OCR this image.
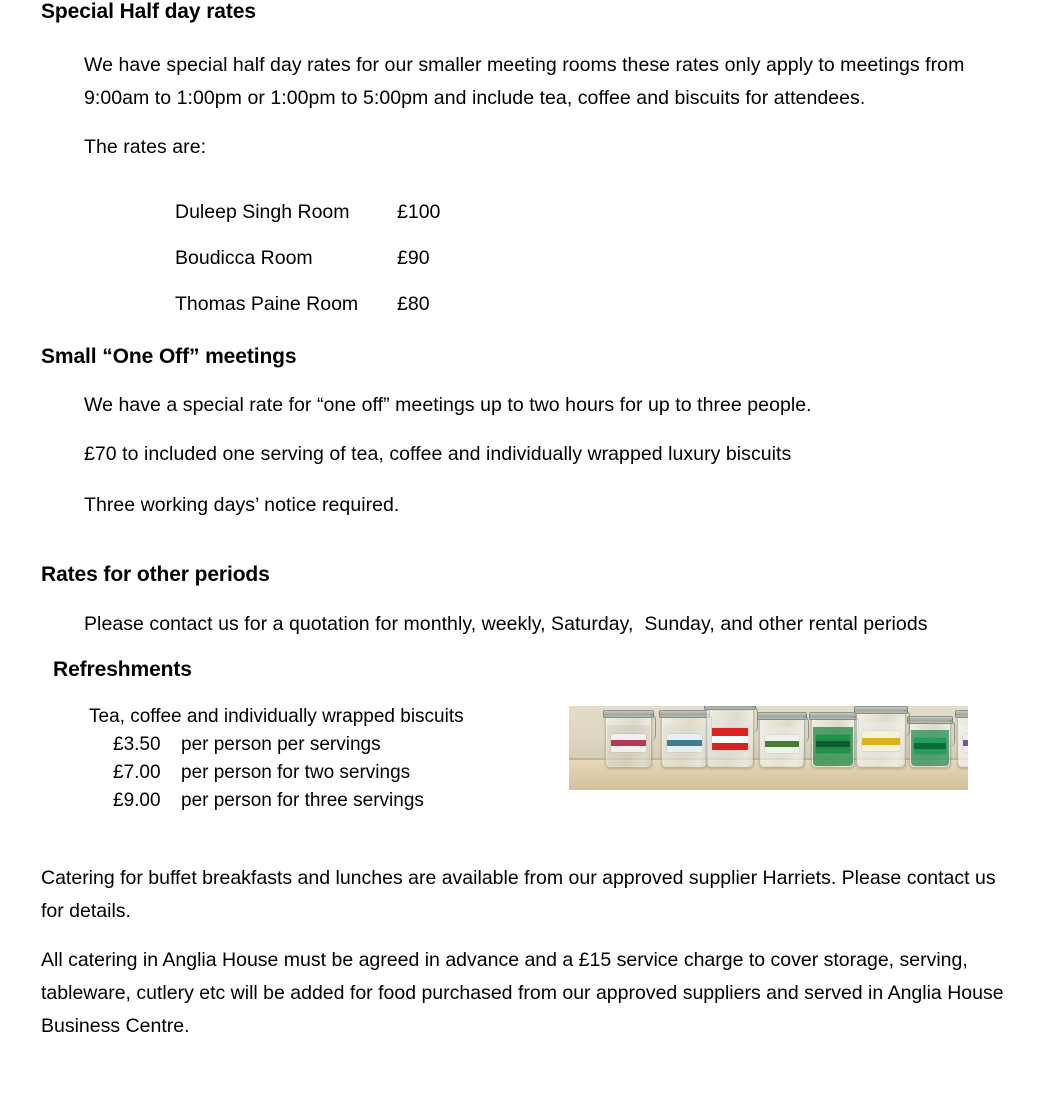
Special Half day rates
We have special half day rates for our smaller meeting rooms these rates only apply to meetings from 9:00am to 1:00pm or 1:00pm to 5:00pm and include tea, coffee and biscuits for attendees.
The rates are:
Duleep Singh Room £100
Boudicca Room	£90
Thomas Paine Room £80
Small “One Off” meetings
We have a special rate for “one off” meetings up to two hours for up to three people.
£70 to included one serving of tea, coffee and individually wrapped luxury biscuits
Three working days’ notice required.
Rates for other periods
Please contact us for a quotation for monthly, weekly, Saturday,  Sunday, and other rental periods
Refreshments
Tea, coffee and individually wrapped biscuits
£3.50 per person per servings
£7.00 per person for two servings
£9.00 per person for three servings
Catering for buffet breakfasts and lunches are available from our approved supplier Harriets. Please contact us for details.
All catering in Anglia House must be agreed in advance and a £15 service charge to cover storage, serving, tableware, cutlery etc will be added for food purchased from our approved suppliers and served in Anglia House Business Centre.
